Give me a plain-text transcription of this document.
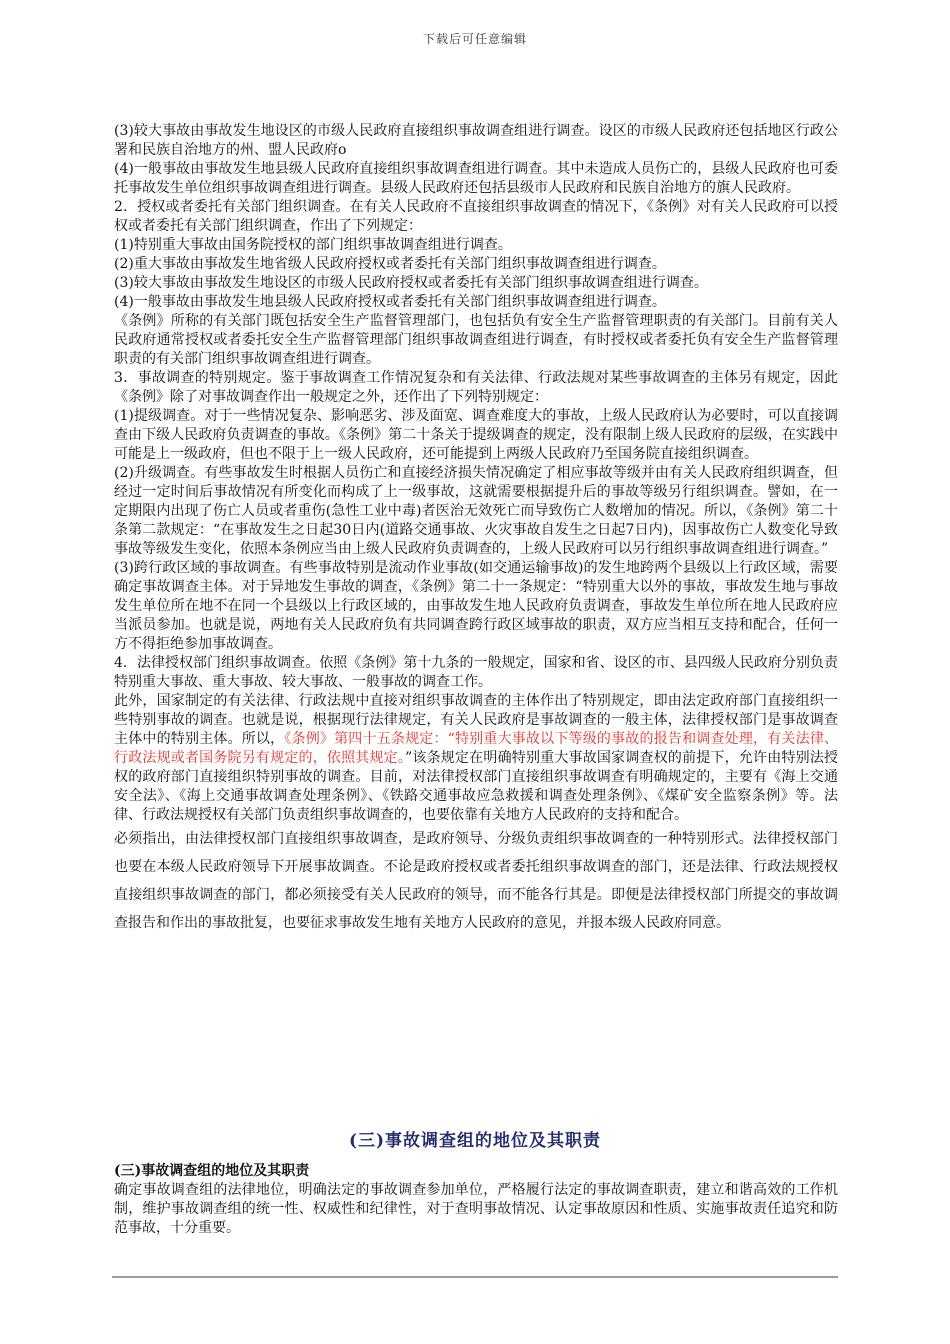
下载后可任意编辑

(3)较大事故由事故发生地设区的市级人民政府直接组织事故调查组进行调查。设区的市级人民政府还包括地区行政公署和民族自治地方的州、盟人民政府o

(4)一般事故由事故发生地县级人民政府直接组织事故调查组进行调查。其中未造成人员伤亡的，县级人民政府也可委托事故发生单位组织事故调查组进行调查。县级人民政府还包括县级市人民政府和民族自治地方的旗人民政府。

2．授权或者委托有关部门组织调查。在有关人民政府不直接组织事故调查的情况下，《条例》对有关人民政府可以授权或者委托有关部门组织调查，作出了下列规定：

(1)特别重大事故由国务院授权的部门组织事故调查组进行调查。

(2)重大事故由事故发生地省级人民政府授权或者委托有关部门组织事故调查组进行调查。

(3)较大事故由事故发生地设区的市级人民政府授权或者委托有关部门组织事故调查组进行调查。

(4)一般事故由事故发生地县级人民政府授权或者委托有关部门组织事故调查组进行调查。

《条例》所称的有关部门既包括安全生产监督管理部门，也包括负有安全生产监督管理职责的有关部门。目前有关人民政府通常授权或者委托安全生产监督管理部门组织事故调查组进行调查，有时授权或者委托负有安全生产监督管理职责的有关部门组织事故调查组进行调查。

3．事故调查的特别规定。鉴于事故调查工作情况复杂和有关法律、行政法规对某些事故调查的主体另有规定，因此《条例》除了对事故调查作出一般规定之外，还作出了下列特别规定：

(1)提级调查。对于一些情况复杂、影响恶劣、涉及面宽、调查难度大的事故，上级人民政府认为必要时，可以直接调查由下级人民政府负责调查的事故。《条例》第二十条关于提级调查的规定，没有限制上级人民政府的层级，在实践中可能是上一级政府，但也不限于上一级人民政府，还可能提到上两级人民政府乃至国务院直接组织调查。

(2)升级调查。有些事故发生时根据人员伤亡和直接经济损失情况确定了相应事故等级并由有关人民政府组织调查，但经过一定时间后事故情况有所变化而构成了上一级事故，这就需要根据提升后的事故等级另行组织调查。譬如，在一定期限内出现了伤亡人员或者重伤(急性工业中毒)者医治无效死亡而导致伤亡人数增加的情况。所以，《条例》第二十条第二款规定：“在事故发生之日起30日内(道路交通事故、火灾事故自发生之日起7日内)，因事故伤亡人数变化导致事故等级发生变化，依照本条例应当由上级人民政府负责调查的，上级人民政府可以另行组织事故调查组进行调查。”

(3)跨行政区域的事故调查。有些事故特别是流动作业事故(如交通运输事故)的发生地跨两个县级以上行政区域，需要确定事故调查主体。对于异地发生事故的调查，《条例》第二十一条规定：“特别重大以外的事故，事故发生地与事故发生单位所在地不在同一个县级以上行政区域的，由事故发生地人民政府负责调查，事故发生单位所在地人民政府应当派员参加。也就是说，两地有关人民政府负有共同调查跨行政区域事故的职责，双方应当相互支持和配合，任何一方不得拒绝参加事故调查。

4．法律授权部门组织事故调查。依照《条例》第十九条的一般规定，国家和省、设区的市、县四级人民政府分别负责特别重大事故、重大事故、较大事故、一般事故的调查工作。

此外，国家制定的有关法律、行政法规中直接对组织事故调查的主体作出了特别规定，即由法定政府部门直接组织一些特别事故的调查。也就是说，根据现行法律规定，有关人民政府是事故调查的一般主体，法律授权部门是事故调查主体中的特别主体。所以，《条例》第四十五条规定：“特别重大事故以下等级的事故的报告和调查处理，有关法律、行政法规或者国务院另有规定的，依照其规定。”该条规定在明确特别重大事故国家调查权的前提下，允许由特别法授权的政府部门直接组织特别事故的调查。目前，对法律授权部门直接组织事故调查有明确规定的，主要有《海上交通安全法》、《海上交通事故调查处理条例》、《铁路交通事故应急救援和调查处理条例》、《煤矿安全监察条例》等。法律、行政法规授权有关部门负责组织事故调查的，也要依靠有关地方人民政府的支持和配合。

必须指出，由法律授权部门直接组织事故调查，是政府领导、分级负责组织事故调查的一种特别形式。法律授权部门也要在本级人民政府领导下开展事故调查。不论是政府授权或者委托组织事故调查的部门，还是法律、行政法规授权直接组织事故调查的部门，都必须接受有关人民政府的领导，而不能各行其是。即便是法律授权部门所提交的事故调查报告和作出的事故批复，也要征求事故发生地有关地方人民政府的意见，并报本级人民政府同意。

(三)事故调查组的地位及其职责

(三)事故调查组的地位及其职责

确定事故调查组的法律地位，明确法定的事故调查参加单位，严格履行法定的事故调查职责，建立和谐高效的工作机制，维护事故调查组的统一性、权威性和纪律性，对于查明事故情况、认定事故原因和性质、实施事故责任追究和防范事故，十分重要。
